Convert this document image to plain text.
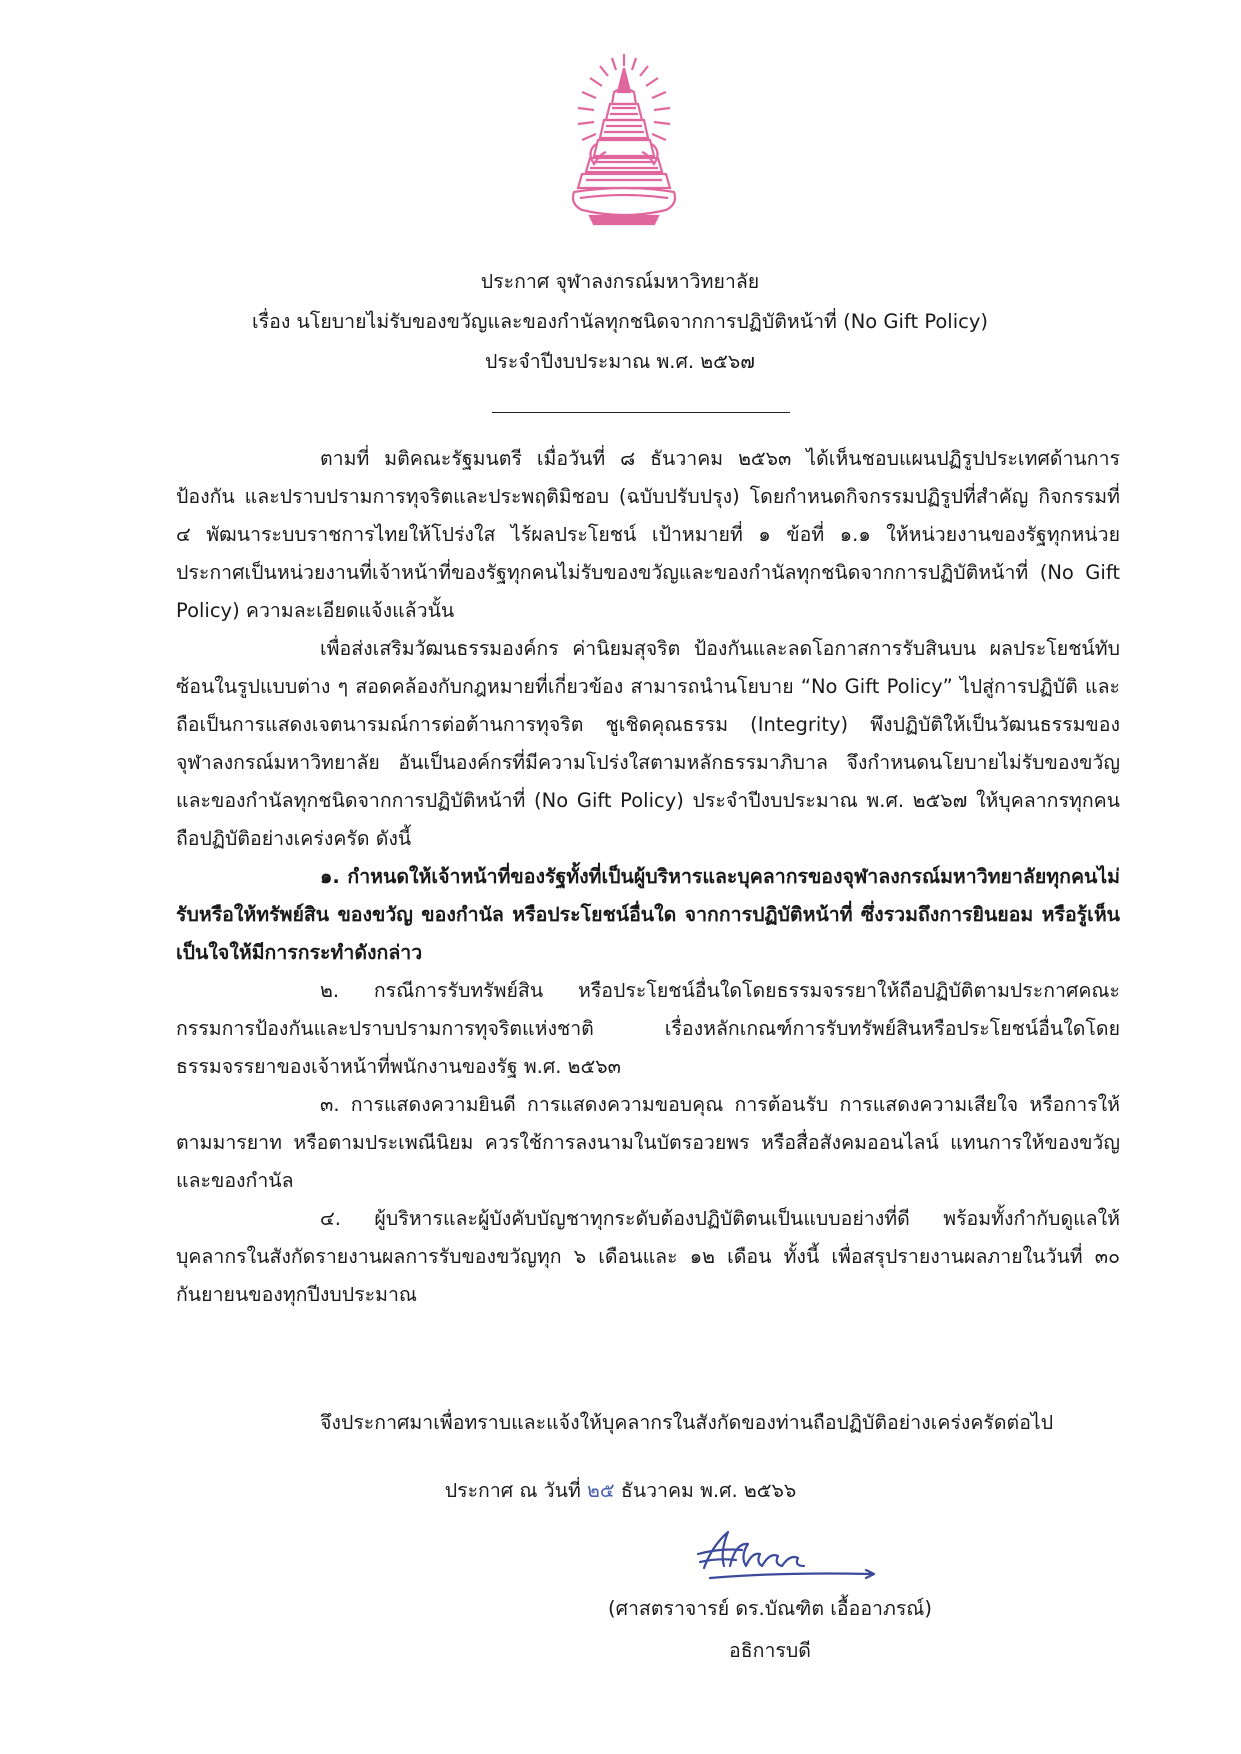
ประกาศ จุฬาลงกรณ์มหาวิทยาลัย
เรื่อง นโยบายไม่รับของขวัญและของกำนัลทุกชนิดจากการปฏิบัติหน้าที่ (No Gift Policy)
ประจำปีงบประมาณ พ.ศ. ๒๕๖๗

ตามที่ มติคณะรัฐมนตรี เมื่อวันที่ ๘ ธันวาคม ๒๕๖๓ ได้เห็นชอบแผนปฏิรูปประเทศด้านการป้องกัน และปราบปรามการทุจริตและประพฤติมิชอบ (ฉบับปรับปรุง) โดยกำหนดกิจกรรมปฏิรูปที่สำคัญ กิจกรรมที่ ๔ พัฒนาระบบราชการไทยให้โปร่งใส ไร้ผลประโยชน์ เป้าหมายที่ ๑ ข้อที่ ๑.๑ ให้หน่วยงานของรัฐทุกหน่วยประกาศเป็นหน่วยงานที่เจ้าหน้าที่ของรัฐทุกคนไม่รับของขวัญและของกำนัลทุกชนิดจากการปฏิบัติหน้าที่ (No Gift Policy) ความละเอียดแจ้งแล้วนั้น

เพื่อส่งเสริมวัฒนธรรมองค์กร ค่านิยมสุจริต ป้องกันและลดโอกาสการรับสินบน ผลประโยชน์ทับซ้อนในรูปแบบต่าง ๆ สอดคล้องกับกฎหมายที่เกี่ยวข้อง สามารถนำนโยบาย “No Gift Policy” ไปสู่การปฏิบัติ และถือเป็นการแสดงเจตนารมณ์การต่อต้านการทุจริต ชูเชิดคุณธรรม (Integrity) พึงปฏิบัติให้เป็นวัฒนธรรมของจุฬาลงกรณ์มหาวิทยาลัย อันเป็นองค์กรที่มีความโปร่งใสตามหลักธรรมาภิบาล จึงกำหนดนโยบายไม่รับของขวัญและของกำนัลทุกชนิดจากการปฏิบัติหน้าที่ (No Gift Policy) ประจำปีงบประมาณ พ.ศ. ๒๕๖๗ ให้บุคลากรทุกคนถือปฏิบัติอย่างเคร่งครัด ดังนี้

๑. กำหนดให้เจ้าหน้าที่ของรัฐทั้งที่เป็นผู้บริหารและบุคลากรของจุฬาลงกรณ์มหาวิทยาลัยทุกคนไม่รับหรือให้ทรัพย์สิน ของขวัญ ของกำนัล หรือประโยชน์อื่นใด จากการปฏิบัติหน้าที่ ซึ่งรวมถึงการยินยอม หรือรู้เห็นเป็นใจให้มีการกระทำดังกล่าว

๒. กรณีการรับทรัพย์สิน หรือประโยชน์อื่นใดโดยธรรมจรรยาให้ถือปฏิบัติตามประกาศคณะกรรมการป้องกันและปราบปรามการทุจริตแห่งชาติ เรื่องหลักเกณฑ์การรับทรัพย์สินหรือประโยชน์อื่นใดโดยธรรมจรรยาของเจ้าหน้าที่พนักงานของรัฐ พ.ศ. ๒๕๖๓

๓. การแสดงความยินดี การแสดงความขอบคุณ การต้อนรับ การแสดงความเสียใจ หรือการให้ตามมารยาท หรือตามประเพณีนิยม ควรใช้การลงนามในบัตรอวยพร หรือสื่อสังคมออนไลน์ แทนการให้ของขวัญและของกำนัล

๔. ผู้บริหารและผู้บังคับบัญชาทุกระดับต้องปฏิบัติตนเป็นแบบอย่างที่ดี พร้อมทั้งกำกับดูแลให้บุคลากรในสังกัดรายงานผลการรับของขวัญทุก ๖ เดือนและ ๑๒ เดือน ทั้งนี้ เพื่อสรุปรายงานผลภายในวันที่ ๓๐ กันยายนของทุกปีงบประมาณ

จึงประกาศมาเพื่อทราบและแจ้งให้บุคลากรในสังกัดของท่านถือปฏิบัติอย่างเคร่งครัดต่อไป
ประกาศ ณ วันที่ ๒๕ ธันวาคม พ.ศ. ๒๕๖๖
(ศาสตราจารย์ ดร.บัณฑิต เอื้ออาภรณ์)
อธิการบดี
